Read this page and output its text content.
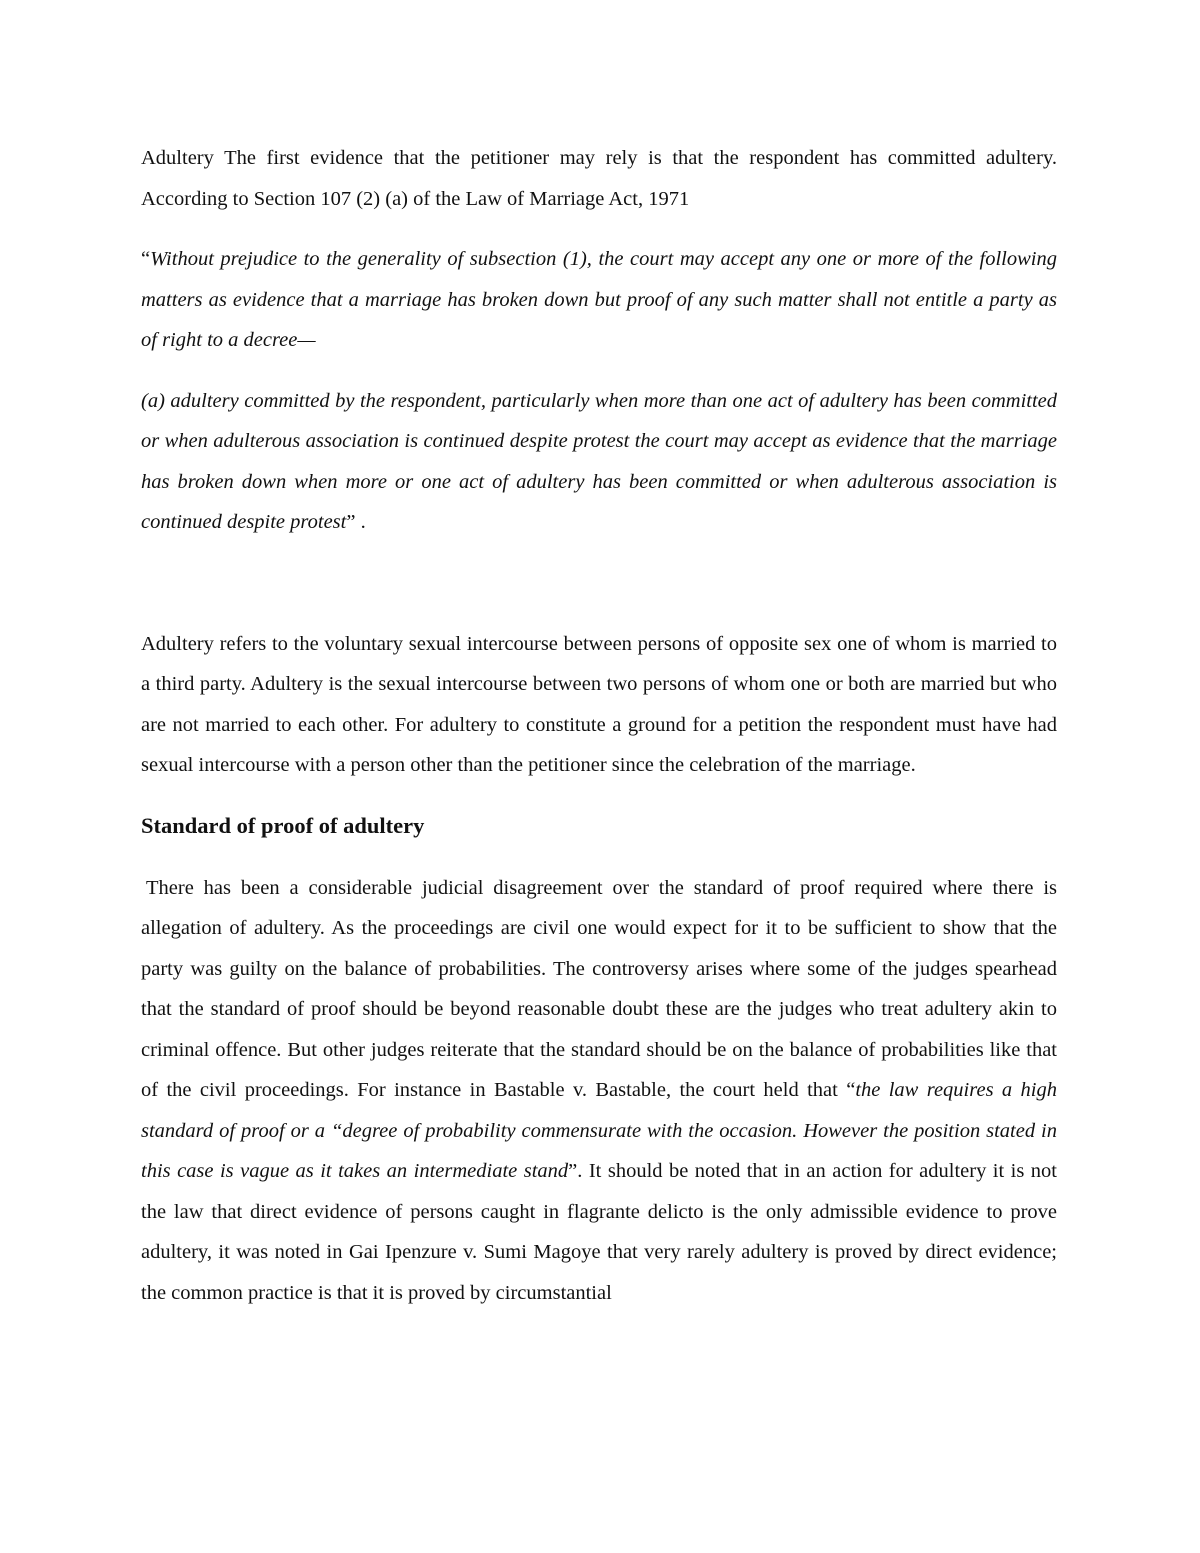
Adultery The first evidence that the petitioner may rely is that the respondent has committed adultery. According to Section 107 (2) (a) of the Law of Marriage Act, 1971

“Without prejudice to the generality of subsection (1), the court may accept any one or more of the following matters as evidence that a marriage has broken down but proof of any such matter shall not entitle a party as of right to a decree—

(a) adultery committed by the respondent, particularly when more than one act of adultery has been committed or when adulterous association is continued despite protest the court may accept as evidence that the marriage has broken down when more or one act of adultery has been committed or when adulterous association is continued despite protest” .

Adultery refers to the voluntary sexual intercourse between persons of opposite sex one of whom is married to a third party. Adultery is the sexual intercourse between two persons of whom one or both are married but who are not married to each other. For adultery to constitute a ground for a petition the respondent must have had sexual intercourse with a person other than the petitioner since the celebration of the marriage.

Standard of proof of adultery

There has been a considerable judicial disagreement over the standard of proof required where there is allegation of adultery. As the proceedings are civil one would expect for it to be sufficient to show that the party was guilty on the balance of probabilities. The controversy arises where some of the judges spearhead that the standard of proof should be beyond reasonable doubt these are the judges who treat adultery akin to criminal offence. But other judges reiterate that the standard should be on the balance of probabilities like that of the civil proceedings. For instance in Bastable v. Bastable, the court held that “the law requires a high standard of proof or a “degree of probability commensurate with the occasion. However the position stated in this case is vague as it takes an intermediate stand”. It should be noted that in an action for adultery it is not the law that direct evidence of persons caught in flagrante delicto is the only admissible evidence to prove adultery, it was noted in Gai Ipenzure v. Sumi Magoye that very rarely adultery is proved by direct evidence; the common practice is that it is proved by circumstantial
